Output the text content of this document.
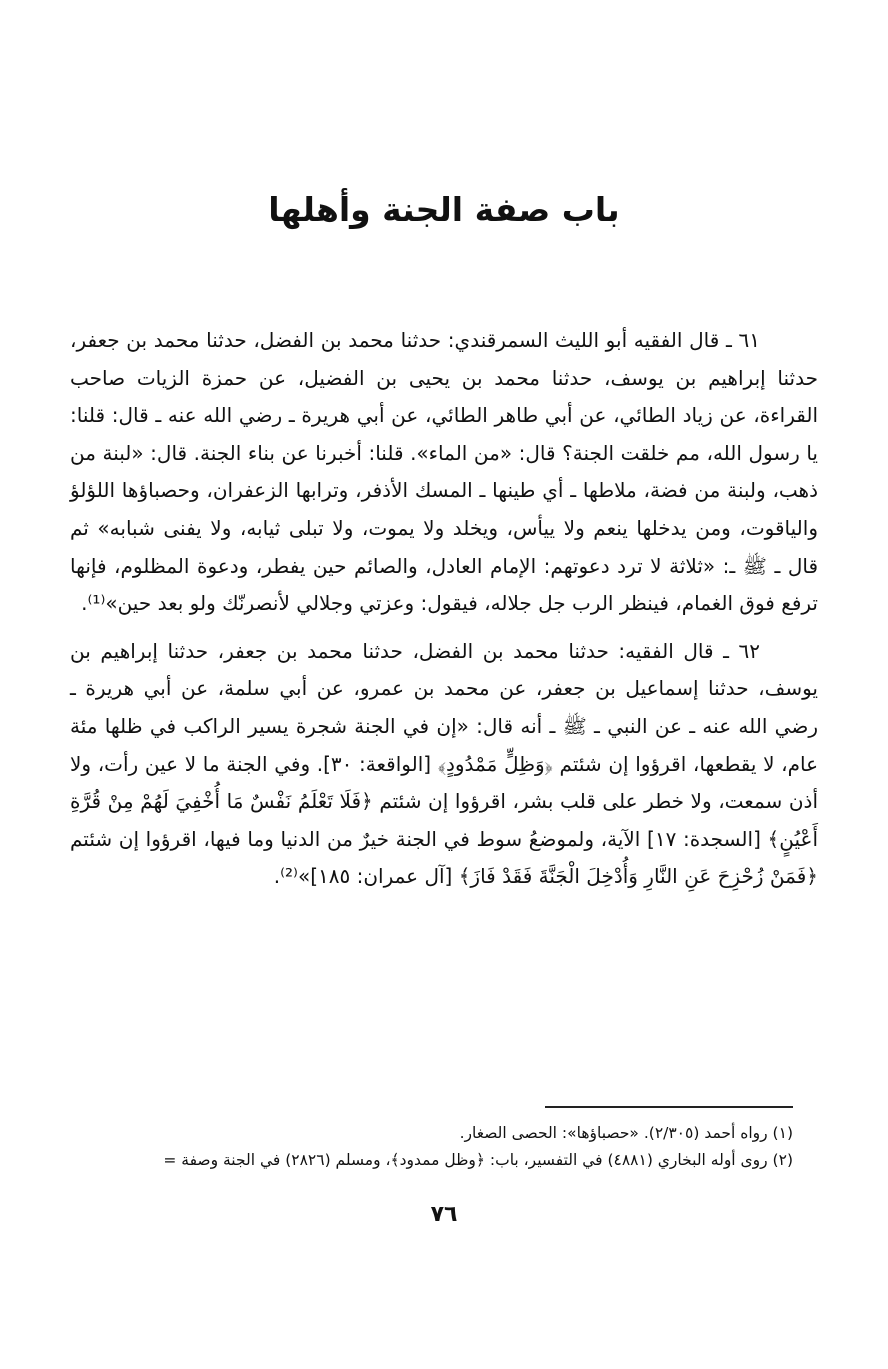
باب صفة الجنة وأهلها

٦١ ـ قال الفقيه أبو الليث السمرقندي: حدثنا محمد بن الفضل، حدثنا محمد بن جعفر، حدثنا إبراهيم بن يوسف، حدثنا محمد بن يحيى بن الفضيل، عن حمزة الزيات صاحب القراءة، عن زياد الطائي، عن أبي طاهر الطائي، عن أبي هريرة ـ رضي الله عنه ـ قال: قلنا: يا رسول الله، مم خلقت الجنة؟ قال: «من الماء». قلنا: أخبرنا عن بناء الجنة. قال: «لبنة من ذهب، ولبنة من فضة، ملاطها ـ أي طينها ـ المسك الأذفر، وترابها الزعفران، وحصباؤها اللؤلؤ والياقوت، ومن يدخلها ينعم ولا ييأس، ويخلد ولا يموت، ولا تبلى ثيابه، ولا يفنى شبابه» ثم قال ـ ﷺ ـ: «ثلاثة لا ترد دعوتهم: الإمام العادل، والصائم حين يفطر، ودعوة المظلوم، فإنها ترفع فوق الغمام، فينظر الرب جل جلاله، فيقول: وعزتي وجلالي لأنصرنّك ولو بعد حين»⁽¹⁾.

٦٢ ـ قال الفقيه: حدثنا محمد بن الفضل، حدثنا محمد بن جعفر، حدثنا إبراهيم بن يوسف، حدثنا إسماعيل بن جعفر، عن محمد بن عمرو، عن أبي سلمة، عن أبي هريرة ـ رضي الله عنه ـ عن النبي ـ ﷺ ـ أنه قال: «إن في الجنة شجرة يسير الراكب في ظلها مئة عام، لا يقطعها، اقرؤوا إن شئتم ﴿وَظِلٍّ مَمْدُودٍ﴾ [الواقعة: ٣٠]. وفي الجنة ما لا عين رأت، ولا أذن سمعت، ولا خطر على قلب بشر، اقرؤوا إن شئتم ﴿فَلَا تَعْلَمُ نَفْسٌ مَا أُخْفِيَ لَهُمْ مِنْ قُرَّةِ أَعْيُنٍ﴾ [السجدة: ١٧] الآية، ولموضعُ سوط في الجنة خيرٌ من الدنيا وما فيها، اقرؤوا إن شئتم ﴿فَمَنْ زُحْزِحَ عَنِ النَّارِ وَأُدْخِلَ الْجَنَّةَ فَقَدْ فَازَ﴾ [آل عمران: ١٨٥]»⁽²⁾.

(١) رواه أحمد (٢/٣٠٥). «حصباؤها»: الحصى الصغار.

(٢) روى أوله البخاري (٤٨٨١) في التفسير، باب: ﴿وظل ممدود﴾، ومسلم (٢٨٢٦) في الجنة وصفة =

٧٦
